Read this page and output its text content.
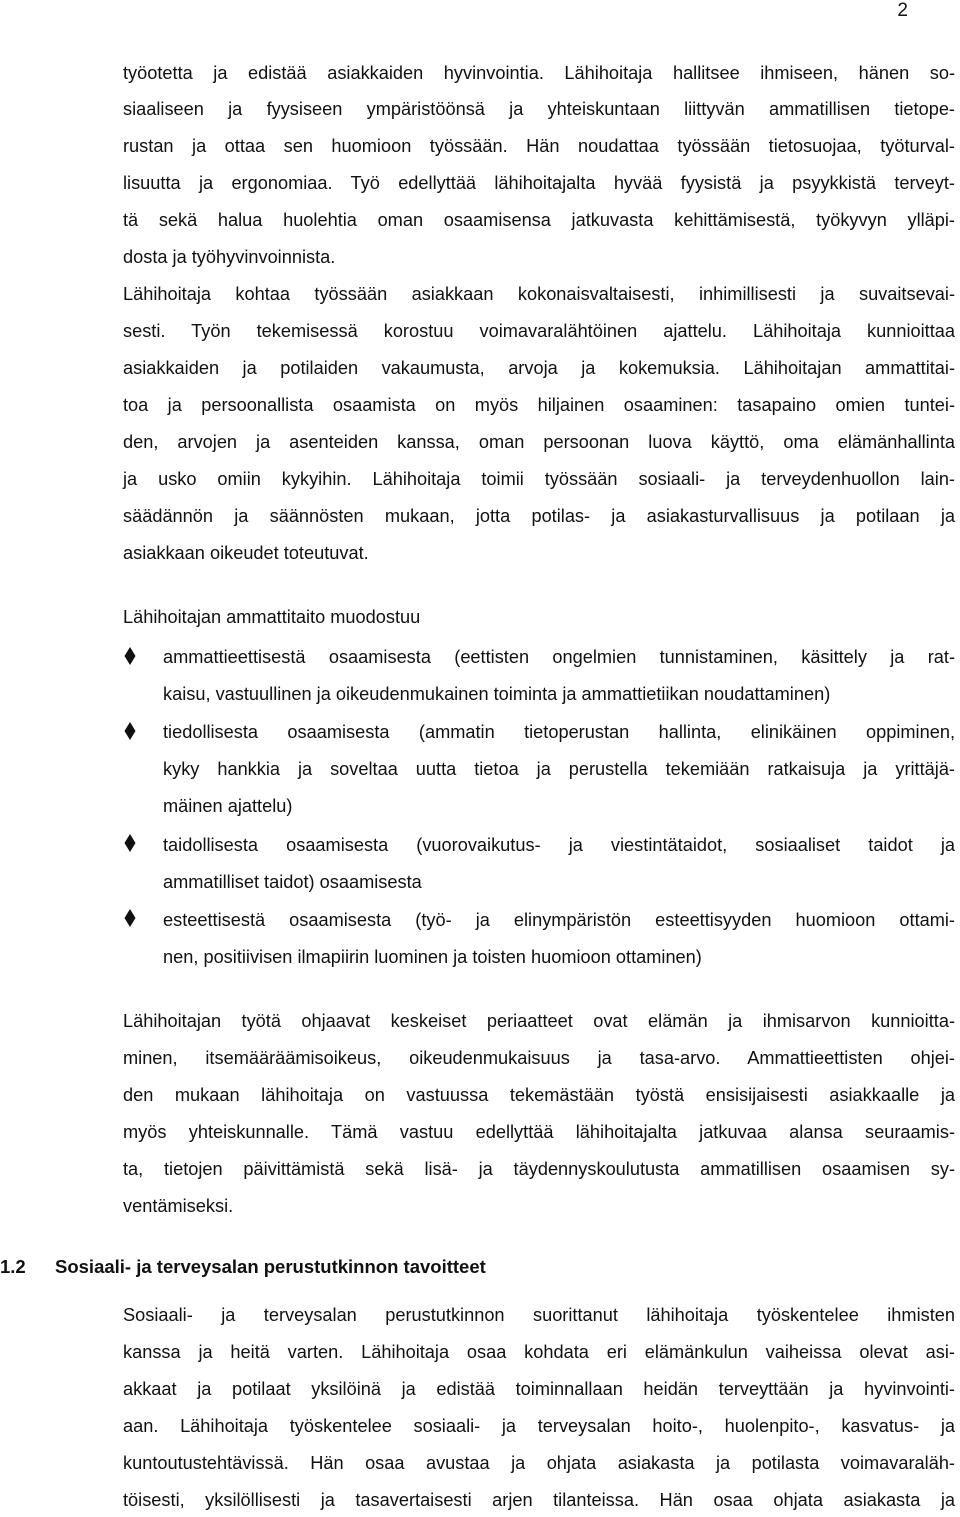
2
työotetta ja edistää asiakkaiden hyvinvointia. Lähihoitaja hallitsee ihmiseen, hänen so-
siaaliseen ja fyysiseen ympäristöönsä ja yhteiskuntaan liittyvän ammatillisen tietope-
rustan ja ottaa sen huomioon työssään. Hän noudattaa työssään tietosuojaa, työturval-
lisuutta ja ergonomiaa. Työ edellyttää lähihoitajalta hyvää fyysistä ja psyykkistä terveyt-
tä sekä halua huolehtia oman osaamisensa jatkuvasta kehittämisestä, työkyvyn ylläpi-
dosta ja työhyvinvoinnista.
Lähihoitaja kohtaa työssään asiakkaan kokonaisvaltaisesti, inhimillisesti ja suvaitsevai-
sesti. Työn tekemisessä korostuu voimavaralähtöinen ajattelu. Lähihoitaja kunnioittaa
asiakkaiden ja potilaiden vakaumusta, arvoja ja kokemuksia. Lähihoitajan ammattitai-
toa ja persoonallista osaamista on myös hiljainen osaaminen: tasapaino omien tuntei-
den, arvojen ja asenteiden kanssa, oman persoonan luova käyttö, oma elämänhallinta
ja usko omiin kykyihin. Lähihoitaja toimii työssään sosiaali- ja terveydenhuollon lain-
säädännön ja säännösten mukaan, jotta potilas- ja asiakasturvallisuus ja potilaan ja
asiakkaan oikeudet toteutuvat.
Lähihoitajan ammattitaito muodostuu
ammattieettisestä osaamisesta (eettisten ongelmien tunnistaminen, käsittely ja rat-
kaisu, vastuullinen ja oikeudenmukainen toiminta ja ammattietiikan noudattaminen)
tiedollisesta osaamisesta (ammatin tietoperustan hallinta, elinikäinen oppiminen,
kyky hankkia ja soveltaa uutta tietoa ja perustella tekemiään ratkaisuja ja yrittäjä-
mäinen ajattelu)
taidollisesta osaamisesta (vuorovaikutus- ja viestintätaidot, sosiaaliset taidot ja
ammatilliset taidot) osaamisesta
esteettisestä osaamisesta (työ- ja elinympäristön esteettisyyden huomioon ottami-
nen, positiivisen ilmapiirin luominen ja toisten huomioon ottaminen)
Lähihoitajan työtä ohjaavat keskeiset periaatteet ovat elämän ja ihmisarvon kunnioitta-
minen, itsemääräämisoikeus, oikeudenmukaisuus ja tasa-arvo. Ammattieettisten ohjei-
den mukaan lähihoitaja on vastuussa tekemästään työstä ensisijaisesti asiakkaalle ja
myös yhteiskunnalle. Tämä vastuu edellyttää lähihoitajalta jatkuvaa alansa seuraamis-
ta, tietojen päivittämistä sekä lisä- ja täydennyskoulutusta ammatillisen osaamisen sy-
ventämiseksi.
1.2 Sosiaali- ja terveysalan perustutkinnon tavoitteet
Sosiaali- ja terveysalan perustutkinnon suorittanut lähihoitaja työskentelee ihmisten
kanssa ja heitä varten. Lähihoitaja osaa kohdata eri elämänkulun vaiheissa olevat asi-
akkaat ja potilaat yksilöinä ja edistää toiminnallaan heidän terveyttään ja hyvinvointi-
aan. Lähihoitaja työskentelee sosiaali- ja terveysalan hoito-, huolenpito-, kasvatus- ja
kuntoutustehtävissä. Hän osaa avustaa ja ohjata asiakasta ja potilasta voimavaraläh-
töisesti, yksilöllisesti ja tasavertaisesti arjen tilanteissa. Hän osaa ohjata asiakasta ja
